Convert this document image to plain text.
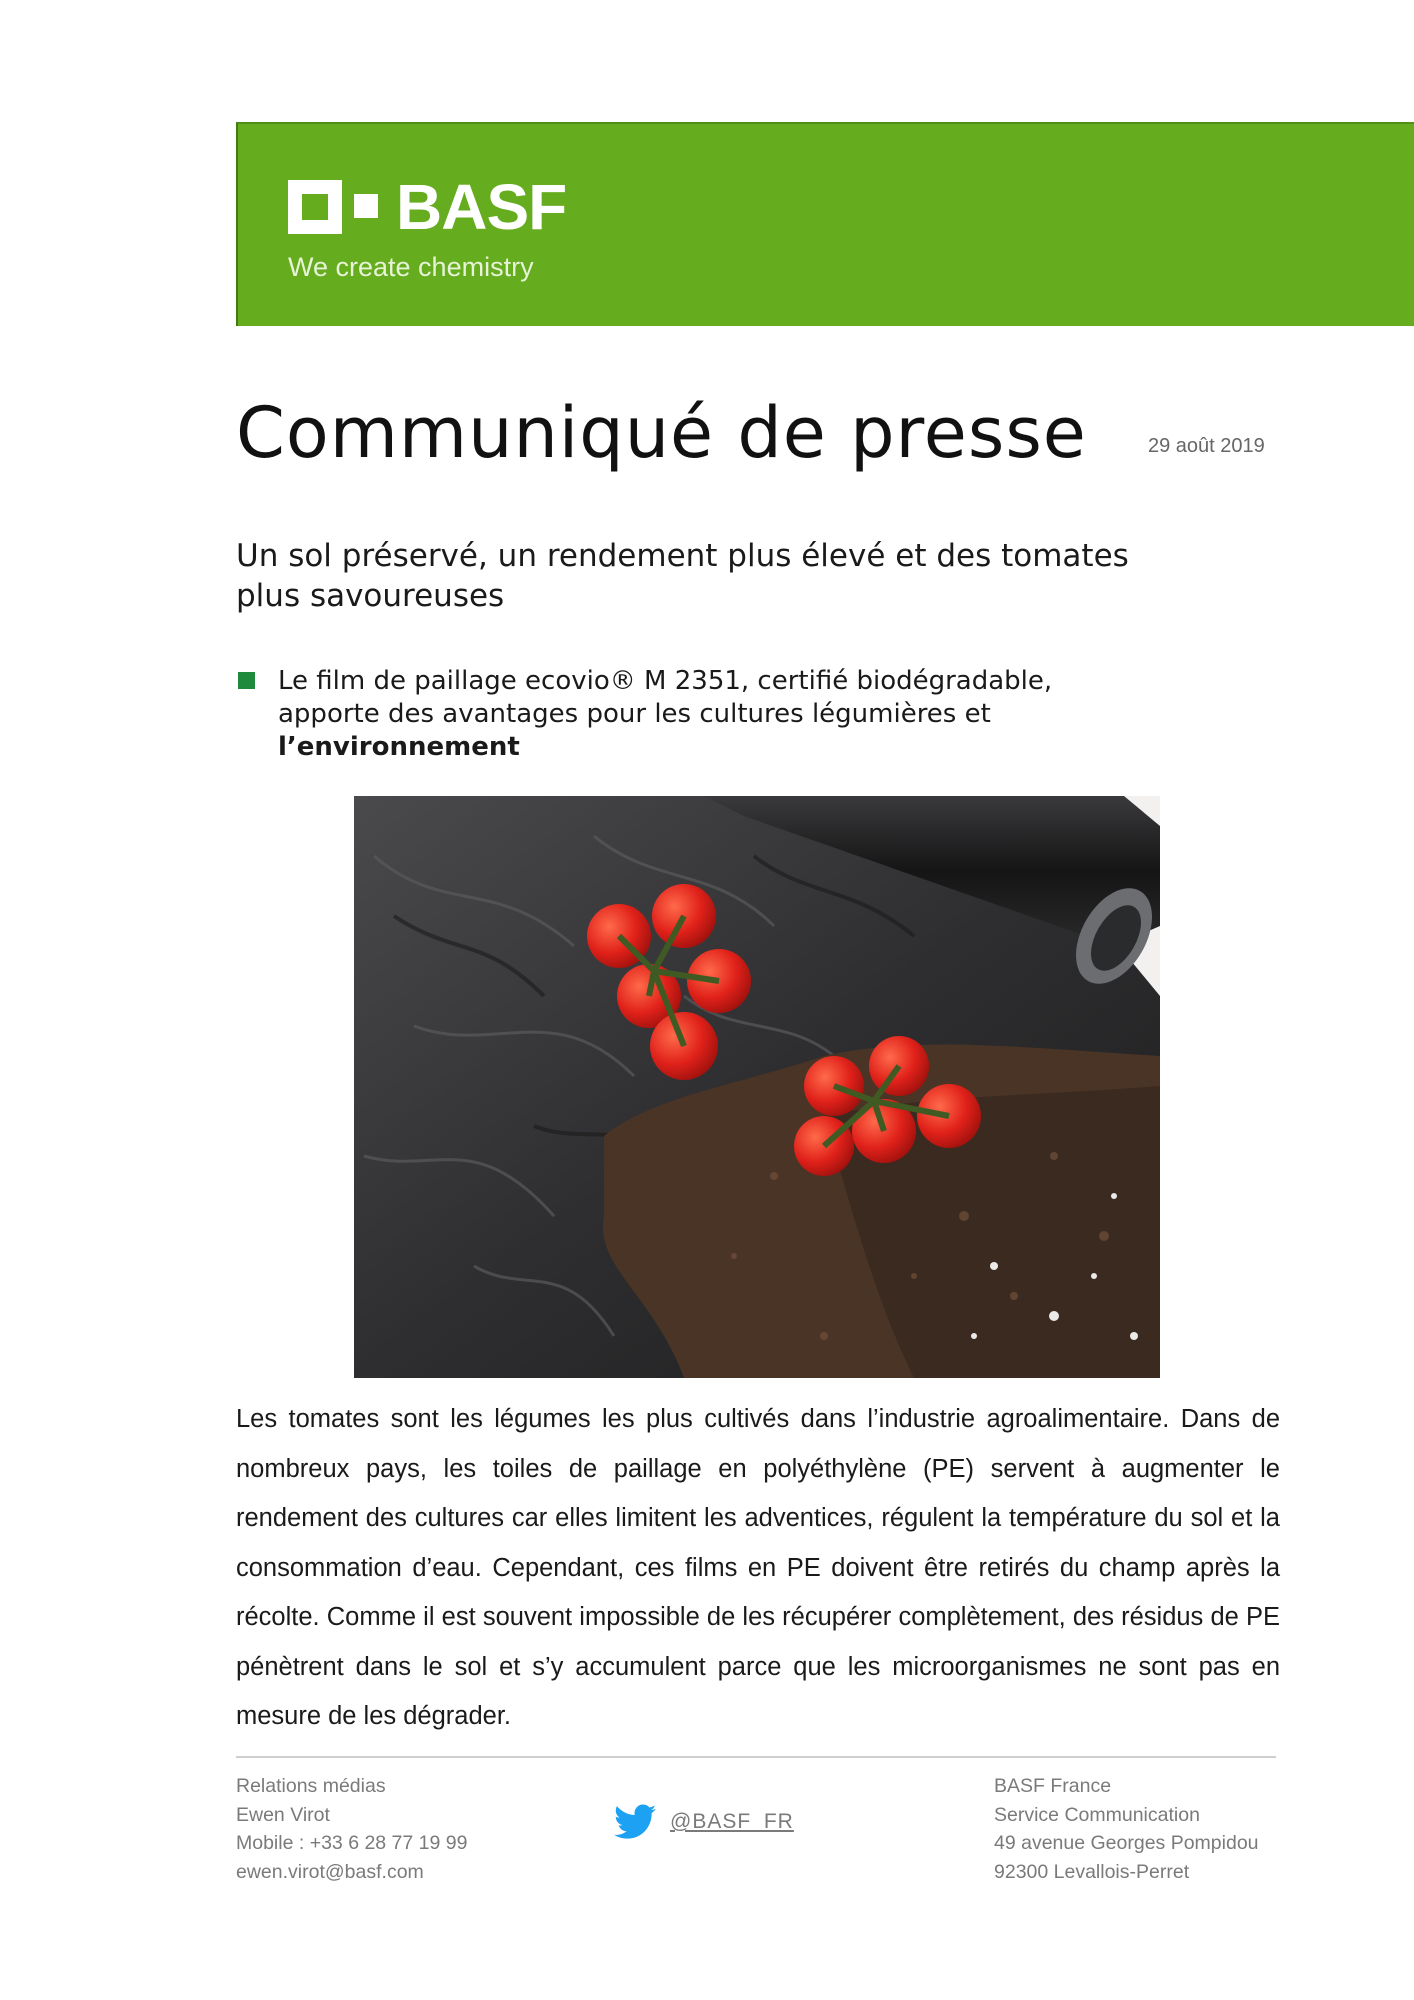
BASF
We create chemistry
Communiqué de presse	29 août 2019
Un sol préservé, un rendement plus élevé et des tomates
plus savoureuses
Le film de paillage ecovio® M 2351, certifié biodégradable,
apporte des avantages pour les cultures légumières et
l’environnement
Les tomates sont les légumes les plus cultivés dans l’industrie agroalimentaire. Dans de nombreux pays, les toiles de paillage en polyéthylène (PE) servent à augmenter le rendement des cultures car elles limitent les adventices, régulent la température du sol et la consommation d’eau. Cependant, ces films en PE doivent être retirés du champ après la récolte. Comme il est souvent impossible de les récupérer complètement, des résidus de PE pénètrent dans le sol et s’y accumulent parce que les microorganismes ne sont pas en mesure de les dégrader.
Relations médias
Ewen Virot
Mobile : +33 6 28 77 19 99
ewen.virot@basf.com
@BASF_FR
BASF France
Service Communication
49 avenue Georges Pompidou
92300 Levallois-Perret
